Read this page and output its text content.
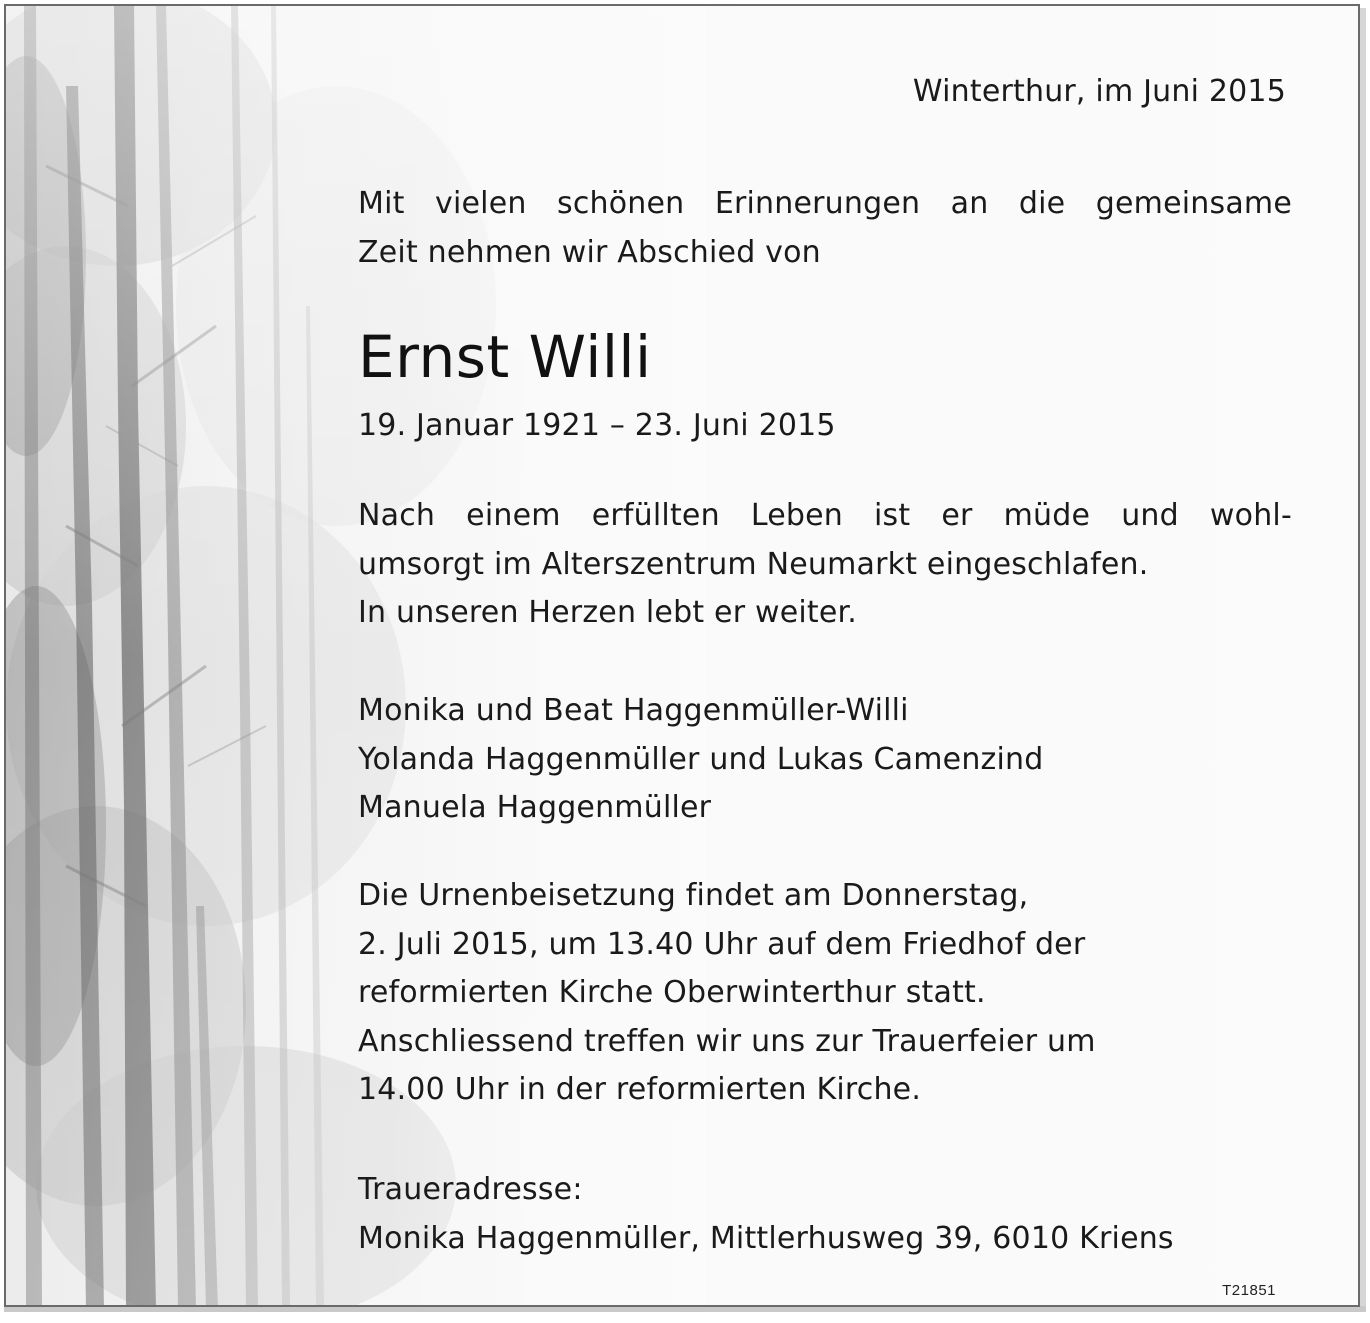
Winterthur, im Juni 2015
Mit vielen schönen Erinnerungen an die gemeinsame
Zeit nehmen wir Abschied von
Ernst Willi
19. Januar 1921 – 23. Juni 2015
Nach einem erfüllten Leben ist er müde und wohl-
umsorgt im Alterszentrum Neumarkt eingeschlafen.
In unseren Herzen lebt er weiter.
Monika und Beat Haggenmüller-Willi
Yolanda Haggenmüller und Lukas Camenzind
Manuela Haggenmüller
Die Urnenbeisetzung findet am Donnerstag,
2. Juli 2015, um 13.40 Uhr auf dem Friedhof der
reformierten Kirche Oberwinterthur statt.
Anschliessend treffen wir uns zur Trauerfeier um
14.00 Uhr in der reformierten Kirche.
Traueradresse:
Monika Haggenmüller, Mittlerhusweg 39, 6010 Kriens
T21851
